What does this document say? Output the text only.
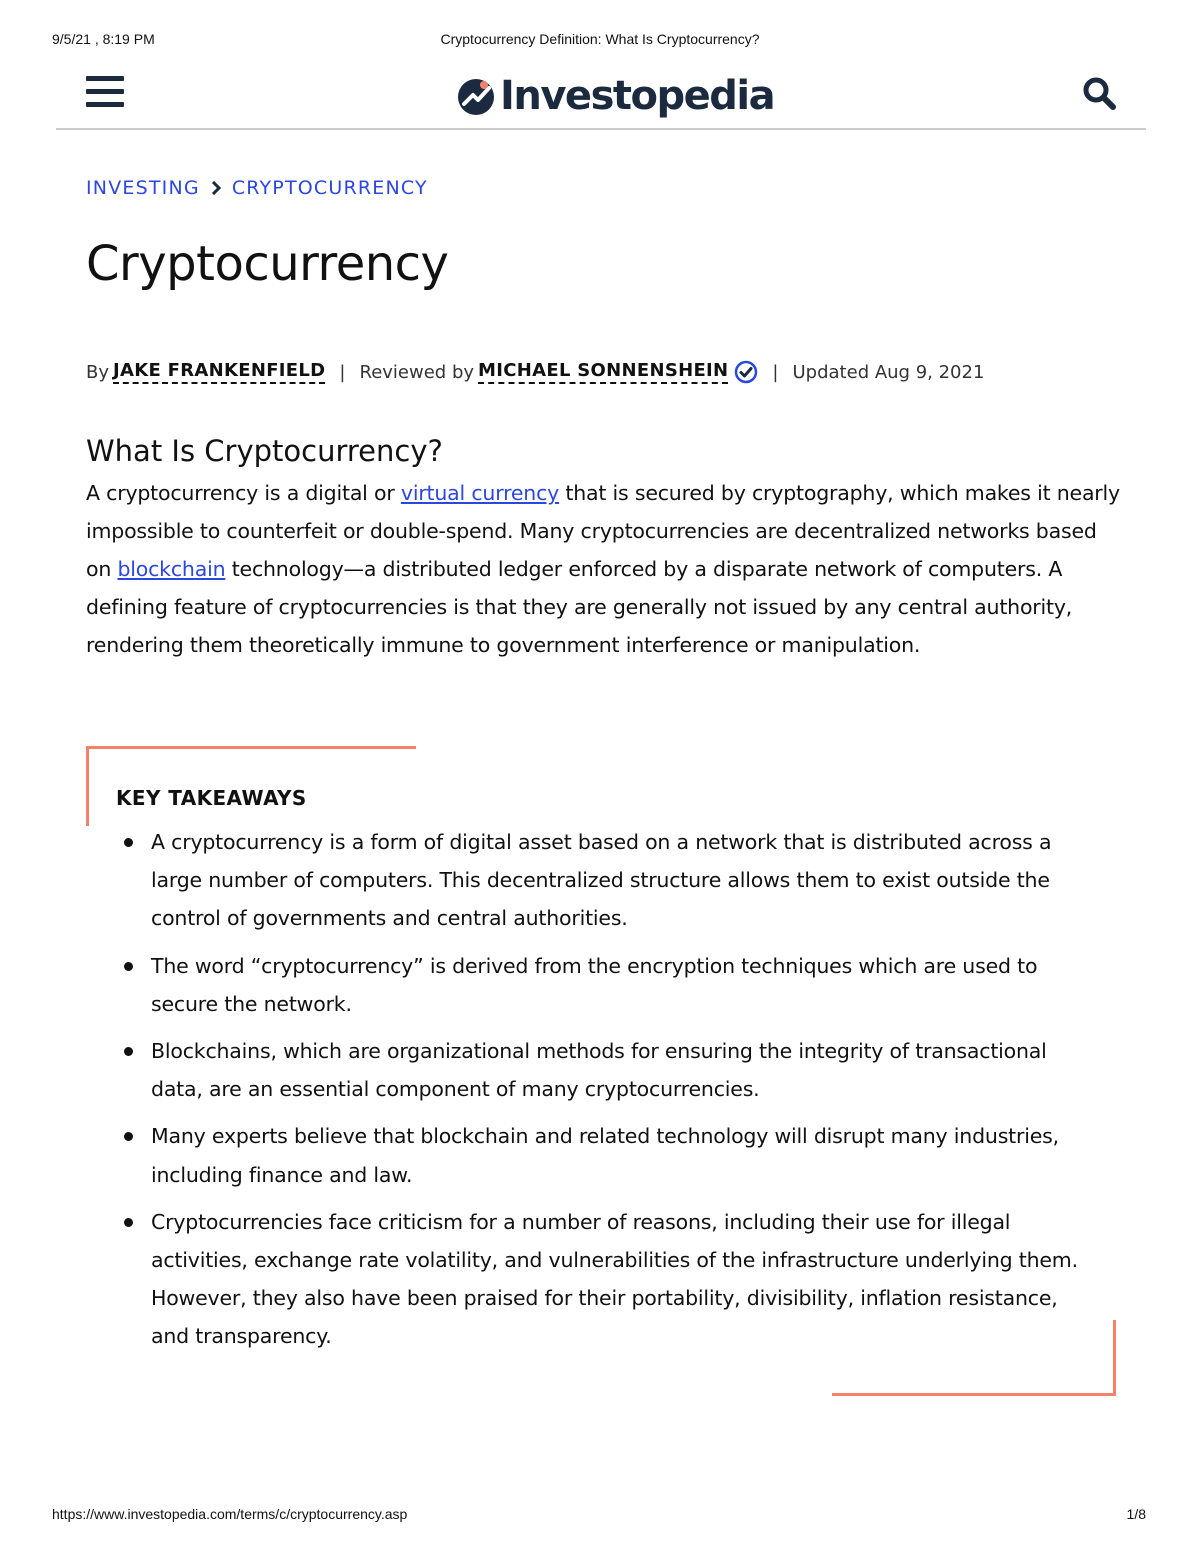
9/5/21 , 8:19 PM	Cryptocurrency Definition: What Is Cryptocurrency?
Investopedia
INVESTING CRYPTOCURRENCY
Cryptocurrency
By JAKE FRANKENFIELD | Reviewed by MICHAEL SONNENSHEIN | Updated Aug 9, 2021
What Is Cryptocurrency?

A cryptocurrency is a digital or virtual currency that is secured by cryptography, which makes it nearly impossible to counterfeit or double-spend. Many cryptocurrencies are decentralized networks based on blockchain technology—a distributed ledger enforced by a disparate network of computers. A defining feature of cryptocurrencies is that they are generally not issued by any central authority, rendering them theoretically immune to government interference or manipulation.

KEY TAKEAWAYS
A cryptocurrency is a form of digital asset based on a network that is distributed across a large number of computers. This decentralized structure allows them to exist outside the control of governments and central authorities.
The word “cryptocurrency” is derived from the encryption techniques which are used to secure the network.
Blockchains, which are organizational methods for ensuring the integrity of transactional data, are an essential component of many cryptocurrencies.
Many experts believe that blockchain and related technology will disrupt many industries, including finance and law.
Cryptocurrencies face criticism for a number of reasons, including their use for illegal activities, exchange rate volatility, and vulnerabilities of the infrastructure underlying them. However, they also have been praised for their portability, divisibility, inflation resistance, and transparency.
https://www.investopedia.com/terms/c/cryptocurrency.asp	1/8
